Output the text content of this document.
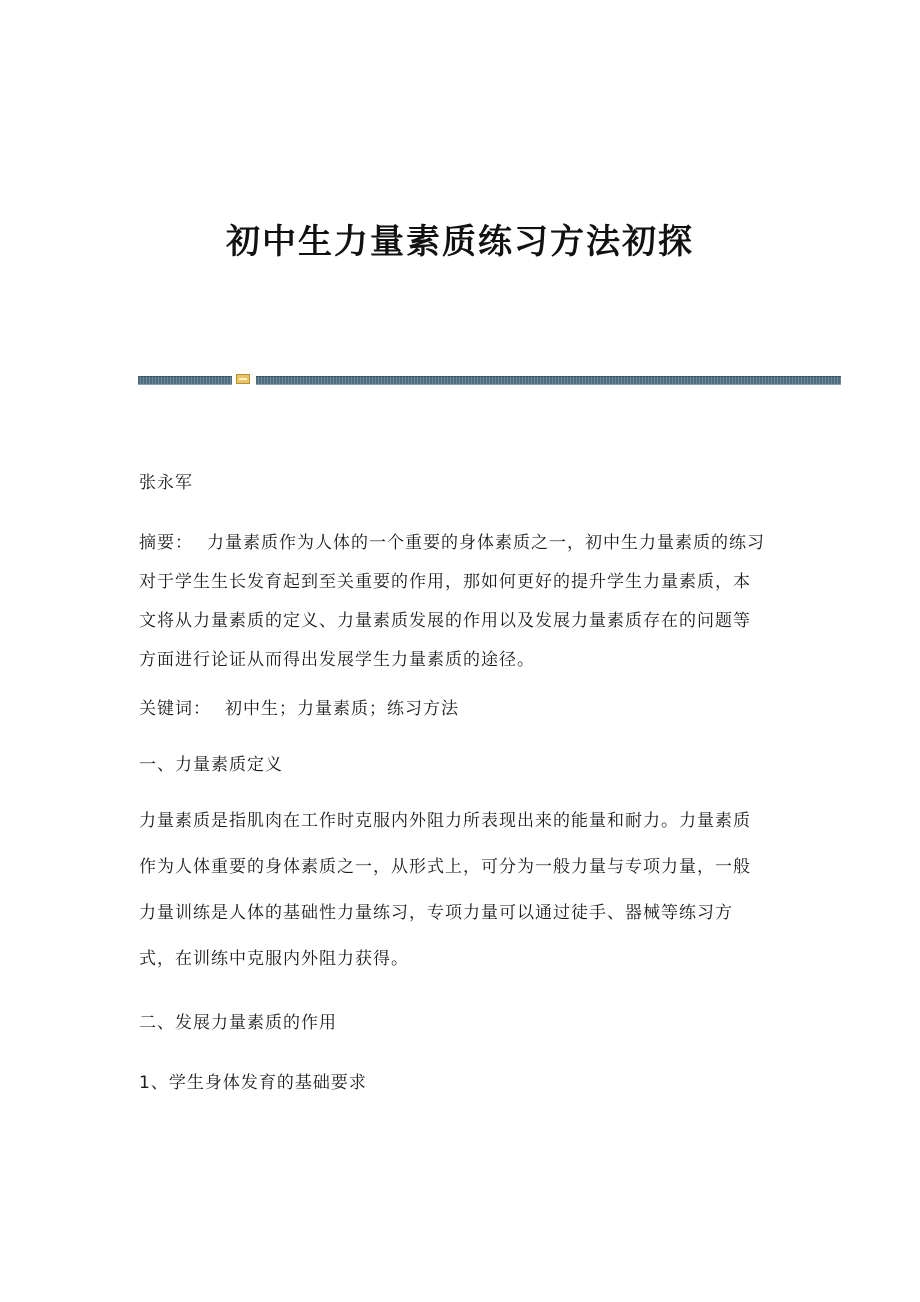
初中生力量素质练习方法初探

张永军

摘要： 力量素质作为人体的一个重要的身体素质之一，初中生力量素质的练习
对于学生生长发育起到至关重要的作用，那如何更好的提升学生力量素质，本
文将从力量素质的定义、力量素质发展的作用以及发展力量素质存在的问题等
方面进行论证从而得出发展学生力量素质的途径。

关键词： 初中生；力量素质；练习方法

一、力量素质定义

力量素质是指肌肉在工作时克服内外阻力所表现出来的能量和耐力。力量素质
作为人体重要的身体素质之一，从形式上，可分为一般力量与专项力量，一般
力量训练是人体的基础性力量练习，专项力量可以通过徒手、器械等练习方
式，在训练中克服内外阻力获得。

二、发展力量素质的作用

1、学生身体发育的基础要求
